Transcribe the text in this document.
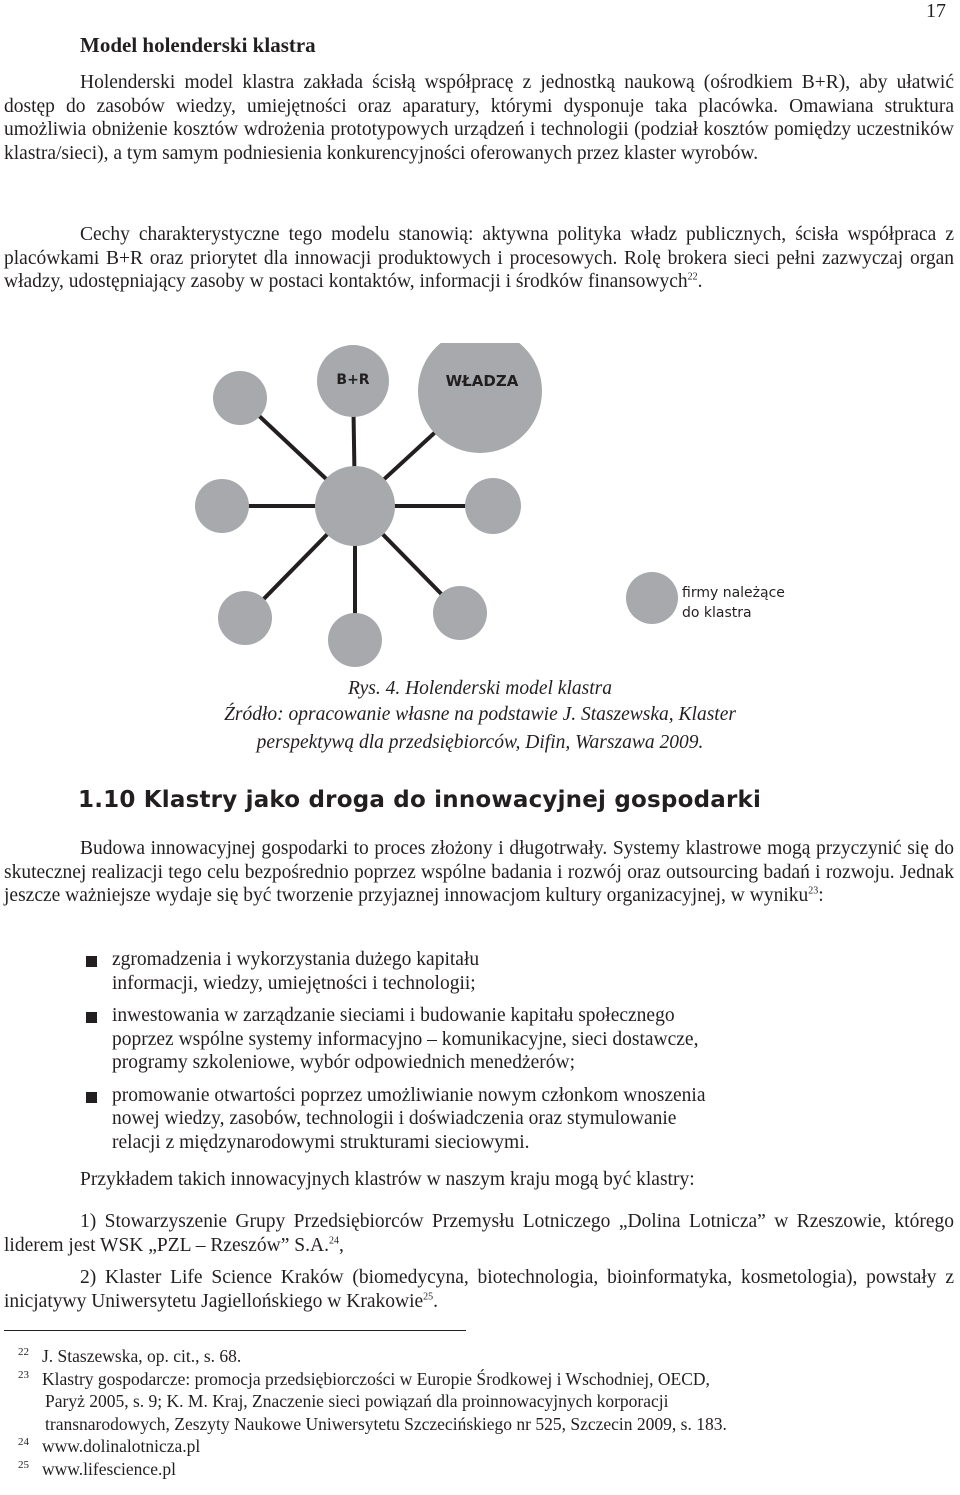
17
Model holenderski klastra

Holenderski model klastra zakłada ścisłą współpracę z jednostką naukową (ośrodkiem B+R), aby ułatwić dostęp do zasobów wiedzy, umiejętności oraz aparatury, którymi dysponuje taka placówka. Omawiana struktura umożliwia obniżenie kosztów wdrożenia prototypowych urządzeń i technologii (podział kosztów pomiędzy uczestników klastra/sieci), a tym samym podniesienia konkurencyjności oferowanych przez klaster wyrobów.

Cechy charakterystyczne tego modelu stanowią: aktywna polityka władz publicznych, ścisła współpraca z placówkami B+R oraz priorytet dla innowacji produktowych i procesowych. Rolę brokera sieci pełni zazwyczaj organ władzy, udostępniający zasoby w postaci kontaktów, informacji i środków finansowych$^{22}$.

B+R	WŁADZA
firmy należące
do klastra

Rys. 4. Holenderski model klastra

Źródło: opracowanie własne na podstawie J. Staszewska, Klaster

perspektywą dla przedsiębiorców, Difin, Warszawa 2009.

1.10 Klastry jako droga do innowacyjnej gospodarki

Budowa innowacyjnej gospodarki to proces złożony i długotrwały. Systemy klastrowe mogą przyczynić się do skutecznej realizacji tego celu bezpośrednio poprzez wspólne badania i rozwój oraz outsourcing badań i rozwoju. Jednak jeszcze ważniejsze wydaje się być tworzenie przyjaznej innowacjom kultury organizacyjnej, w wyniku$^{23}$:

zgromadzenia i wykorzystania dużego kapitału
informacji, wiedzy, umiejętności i technologii;
inwestowania w zarządzanie sieciami i budowanie kapitału społecznego
poprzez wspólne systemy informacyjno – komunikacyjne, sieci dostawcze,
programy szkoleniowe, wybór odpowiednich menedżerów;
promowanie otwartości poprzez umożliwianie nowym członkom wnoszenia
nowej wiedzy, zasobów, technologii i doświadczenia oraz stymulowanie
relacji z międzynarodowymi strukturami sieciowymi.

Przykładem takich innowacyjnych klastrów w naszym kraju mogą być klastry:

1) Stowarzyszenie Grupy Przedsiębiorców Przemysłu Lotniczego „Dolina Lotnicza” w Rzeszowie, którego liderem jest WSK „PZL – Rzeszów” S.A.$^{24}$,

2) Klaster Life Science Kraków (biomedycyna, biotechnologia, bioinformatyka, kosmetologia), powstały z inicjatywy Uniwersytetu Jagiellońskiego w Krakowie$^{25}$.

22 J. Staszewska, op. cit., s. 68.
23 Klastry gospodarcze: promocja przedsiębiorczości w Europie Środkowej i Wschodniej, OECD,
Paryż 2005, s. 9; K. M. Kraj, Znaczenie sieci powiązań dla proinnowacyjnych korporacji
transnarodowych, Zeszyty Naukowe Uniwersytetu Szczecińskiego nr 525, Szczecin 2009, s. 183.
24 www.dolinalotnicza.pl
25 www.lifescience.pl
